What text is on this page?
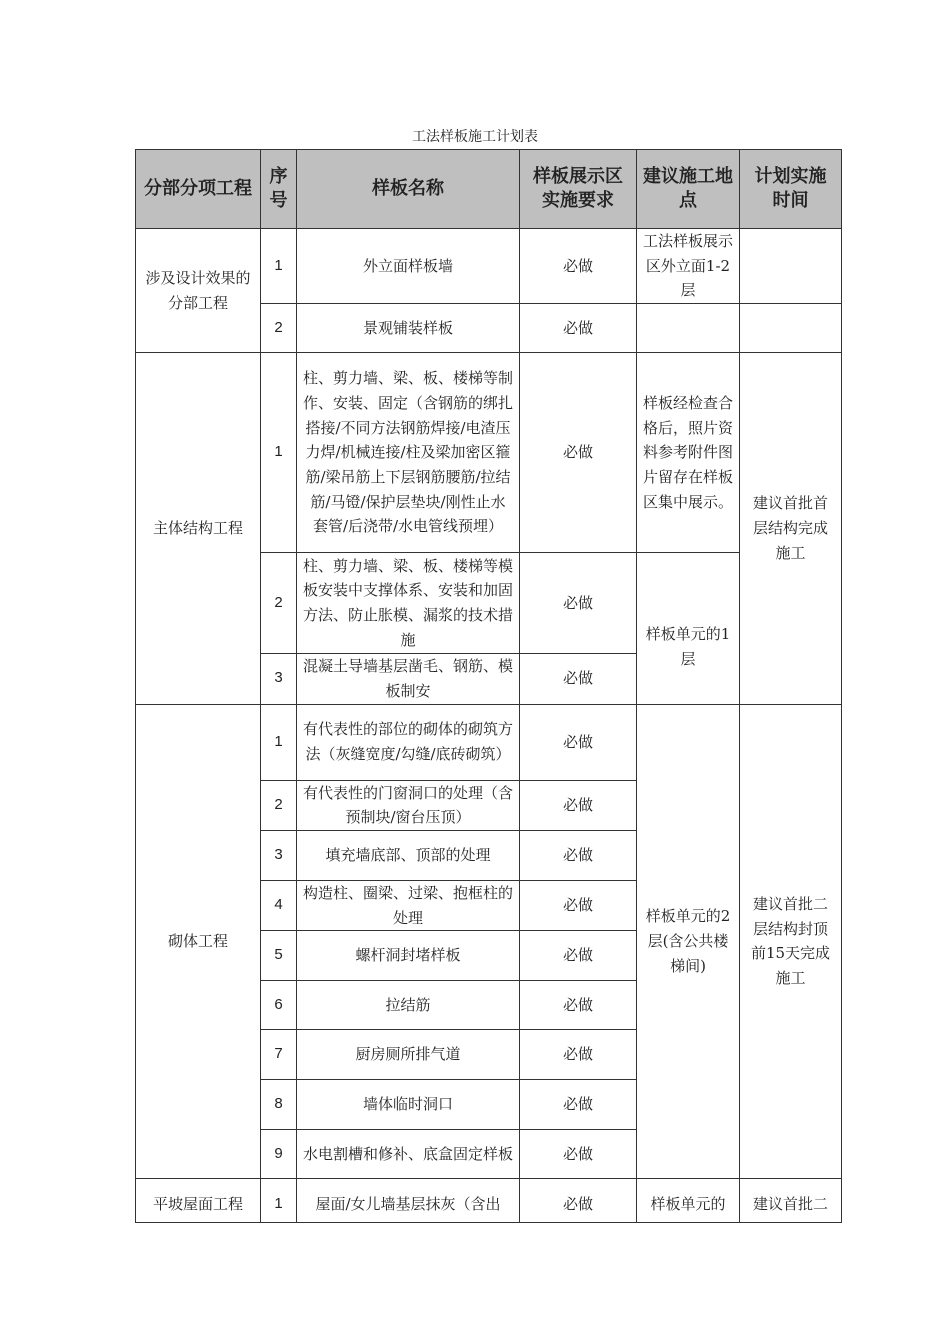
工法样板施工计划表
分部分项工程	序号	样板名称	样板展示区实施要求	建议施工地点	计划实施时间
涉及设计效果的分部工程	1	外立面样板墙	必做	工法样板展示区外立面1-2层	
	2	景观铺装样板	必做		
主体结构工程	1	柱、剪力墙、梁、板、楼梯等制作、安装、固定（含钢筋的绑扎搭接/不同方法钢筋焊接/电渣压力焊/机械连接/柱及梁加密区箍筋/梁吊筋上下层钢筋腰筋/拉结筋/马镫/保护层垫块/刚性止水套管/后浇带/水电管线预埋）	必做	样板经检查合格后，照片资料参考附件图片留存在样板区集中展示。	建议首批首层结构完成施工
	2	柱、剪力墙、梁、板、楼梯等模板安装中支撑体系、安装和加固方法、防止胀模、漏浆的技术措施	必做	样板单元的1层	

	3	混凝土导墙基层凿毛、钢筋、模板制安	必做		
砌体工程	1	有代表性的部位的砌体的砌筑方法（灰缝宽度/勾缝/底砖砌筑）	必做	样板单元的2层(含公共楼梯间)	建议首批二层结构封顶前15天完成施工
	2	有代表性的门窗洞口的处理（含预制块/窗台压顶）	必做		
	3	填充墙底部、顶部的处理	必做		
	4	构造柱、圈梁、过梁、抱框柱的处理	必做		
	5	螺杆洞封堵样板	必做		
	6	拉结筋	必做		
	7	厨房厕所排气道	必做		
	8	墙体临时洞口	必做		
	9	水电割槽和修补、底盒固定样板	必做		
平坡屋面工程	1	屋面/女儿墙基层抹灰（含出	必做	样板单元的	建议首批二
